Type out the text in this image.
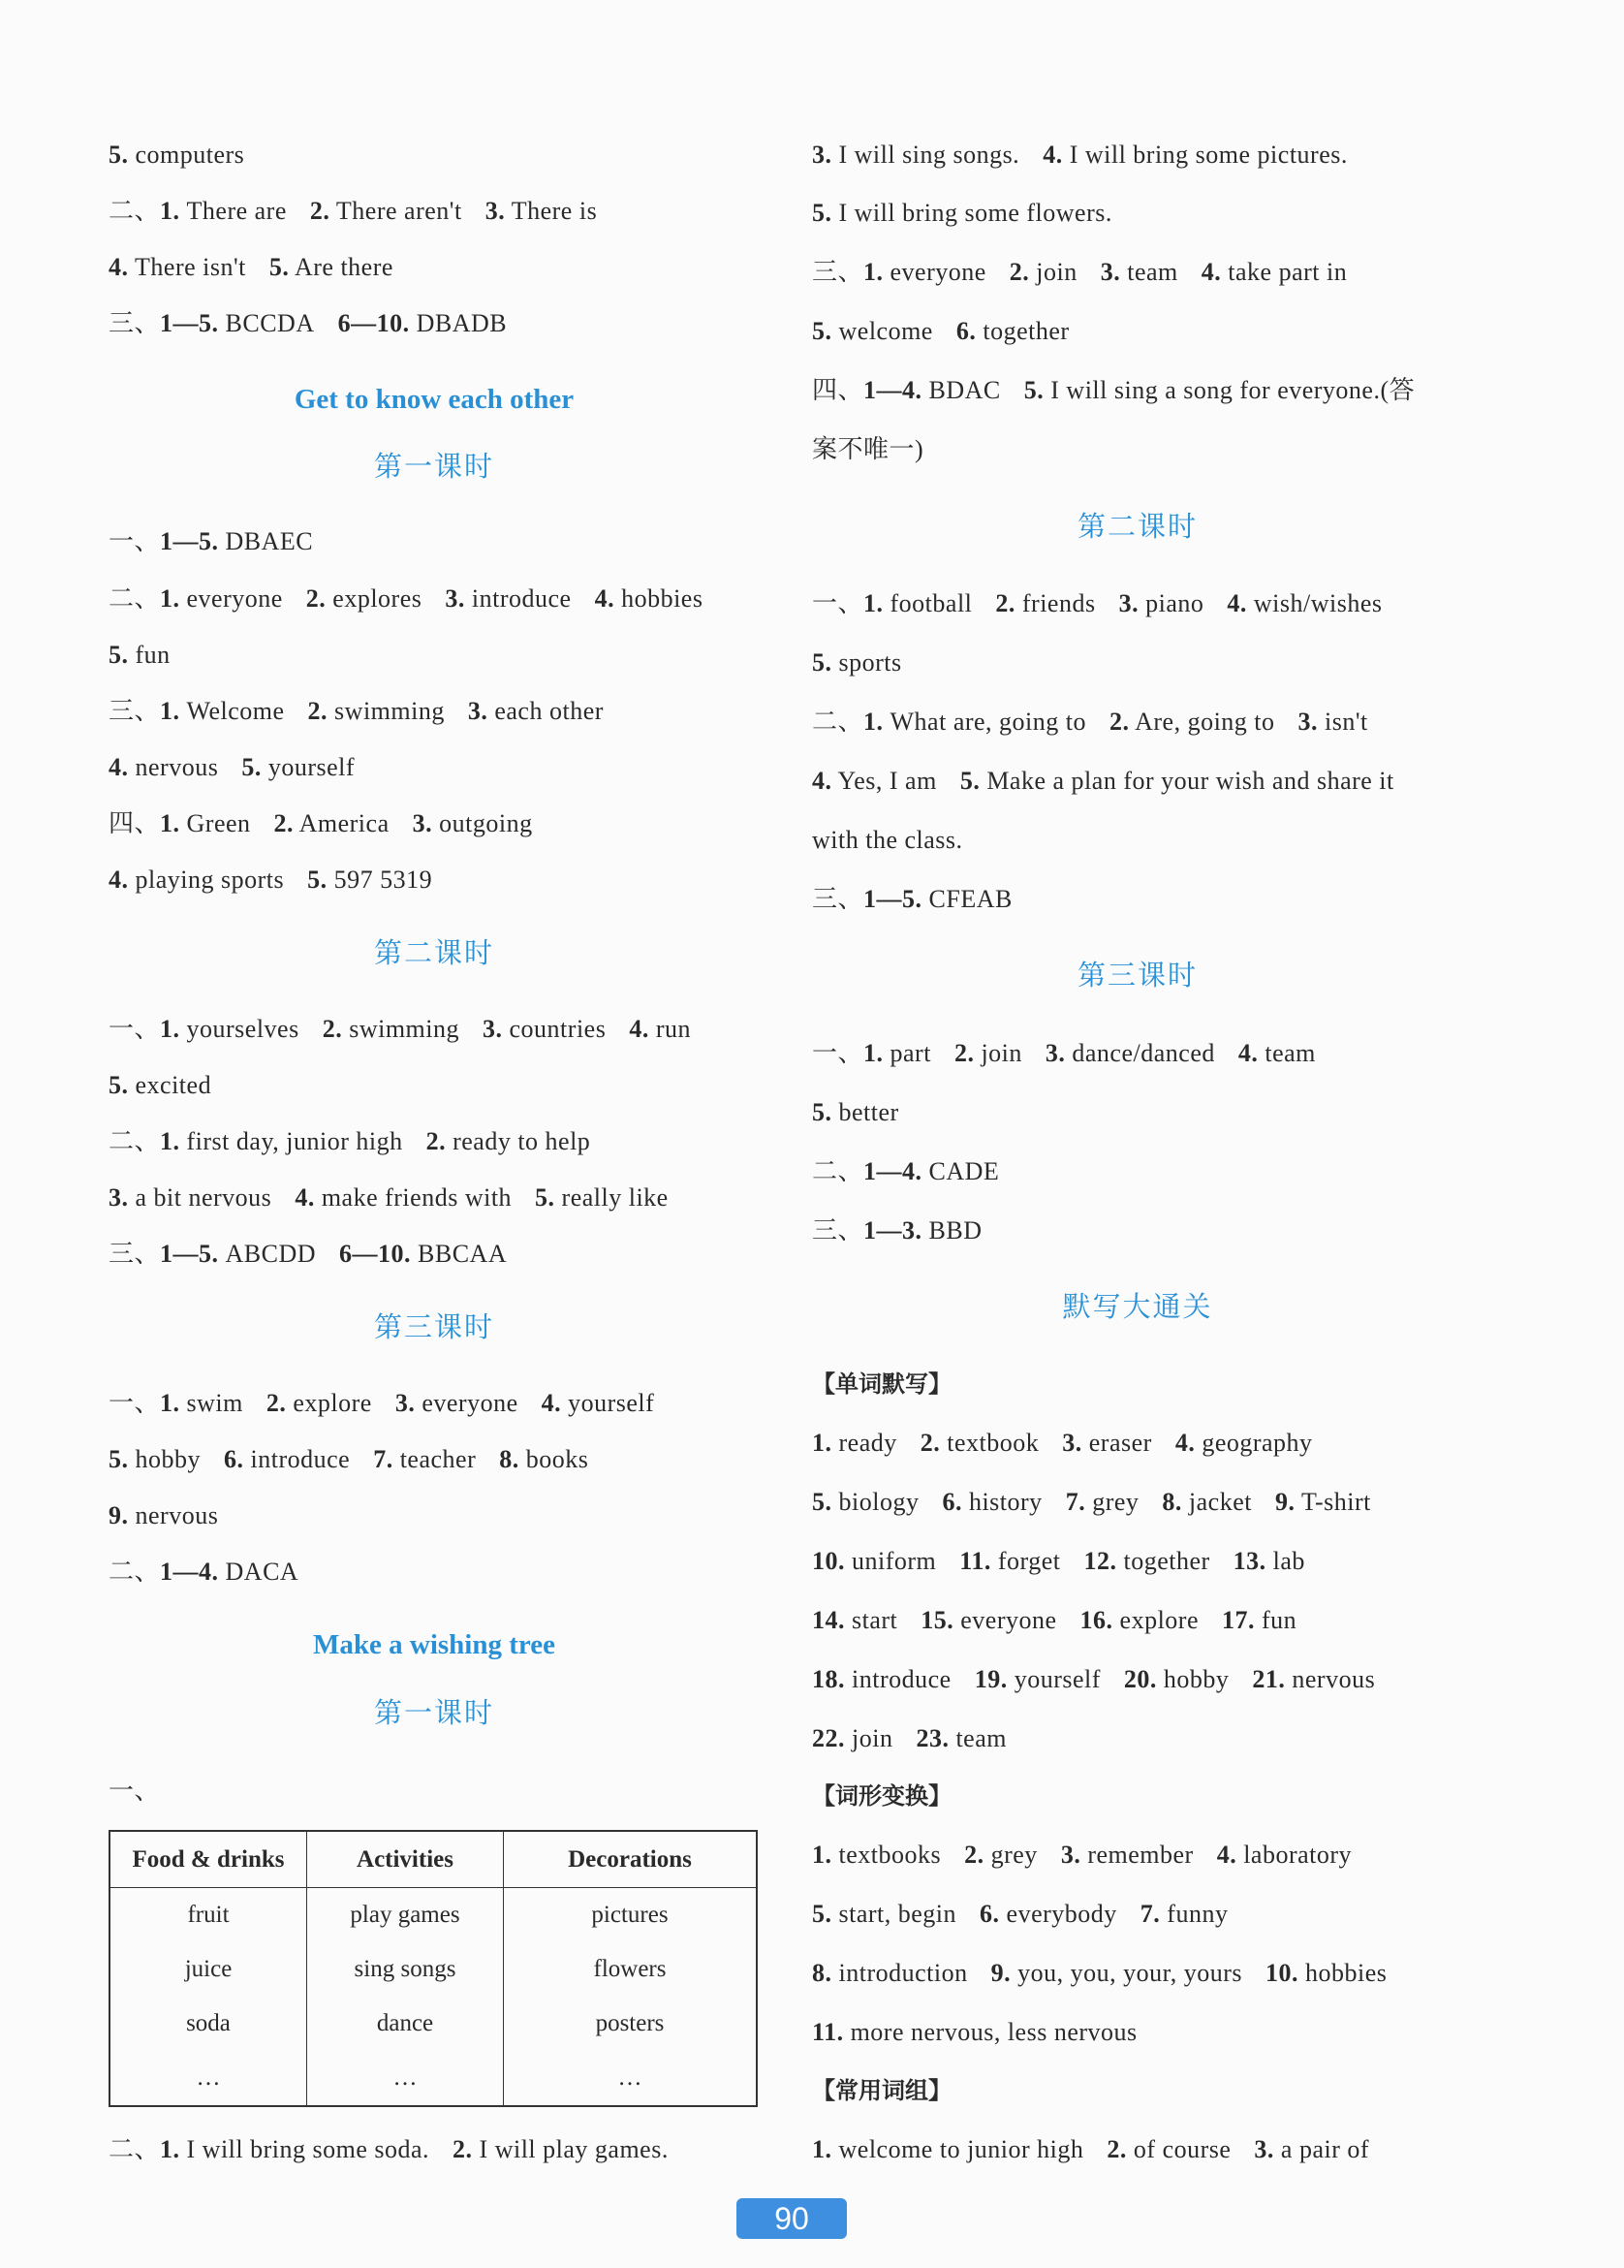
5. computers
二、1. There are 2. There aren't 3. There is
4. There isn't 5. Are there
三、1—5. BCCDA 6—10. DBADB
Get to know each other
第一课时
一、1—5. DBAEC
二、1. everyone 2. explores 3. introduce 4. hobbies
5. fun
三、1. Welcome 2. swimming 3. each other
4. nervous 5. yourself
四、1. Green 2. America 3. outgoing
4. playing sports 5. 597 5319
第二课时
一、1. yourselves 2. swimming 3. countries 4. run
5. excited
二、1. first day, junior high 2. ready to help
3. a bit nervous 4. make friends with 5. really like
三、1—5. ABCDD 6—10. BBCAA
第三课时
一、1. swim 2. explore 3. everyone 4. yourself
5. hobby 6. introduce 7. teacher 8. books
9. nervous
二、1—4. DACA
Make a wishing tree
第一课时
一、
Food & drinks	Activities	Decorations
fruit	play games	pictures
juice	sing songs	flowers
soda	dance	posters
…	…	…
二、1. I will bring some soda. 2. I will play games.
3. I will sing songs. 4. I will bring some pictures.
5. I will bring some flowers.
三、1. everyone 2. join 3. team 4. take part in
5. welcome 6. together
四、1—4. BDAC 5. I will sing a song for everyone.(答
案不唯一)
第二课时
一、1. football 2. friends 3. piano 4. wish/wishes
5. sports
二、1. What are, going to 2. Are, going to 3. isn't
4. Yes, I am 5. Make a plan for your wish and share it
with the class.
三、1—5. CFEAB
第三课时
一、1. part 2. join 3. dance/danced 4. team
5. better
二、1—4. CADE
三、1—3. BBD
默写大通关
【单词默写】
1. ready 2. textbook 3. eraser 4. geography
5. biology 6. history 7. grey 8. jacket 9. T-shirt
10. uniform 11. forget 12. together 13. lab
14. start 15. everyone 16. explore 17. fun
18. introduce 19. yourself 20. hobby 21. nervous
22. join 23. team
【词形变换】
1. textbooks 2. grey 3. remember 4. laboratory
5. start, begin 6. everybody 7. funny
8. introduction 9. you, you, your, yours 10. hobbies
11. more nervous, less nervous
【常用词组】
1. welcome to junior high 2. of course 3. a pair of
90
